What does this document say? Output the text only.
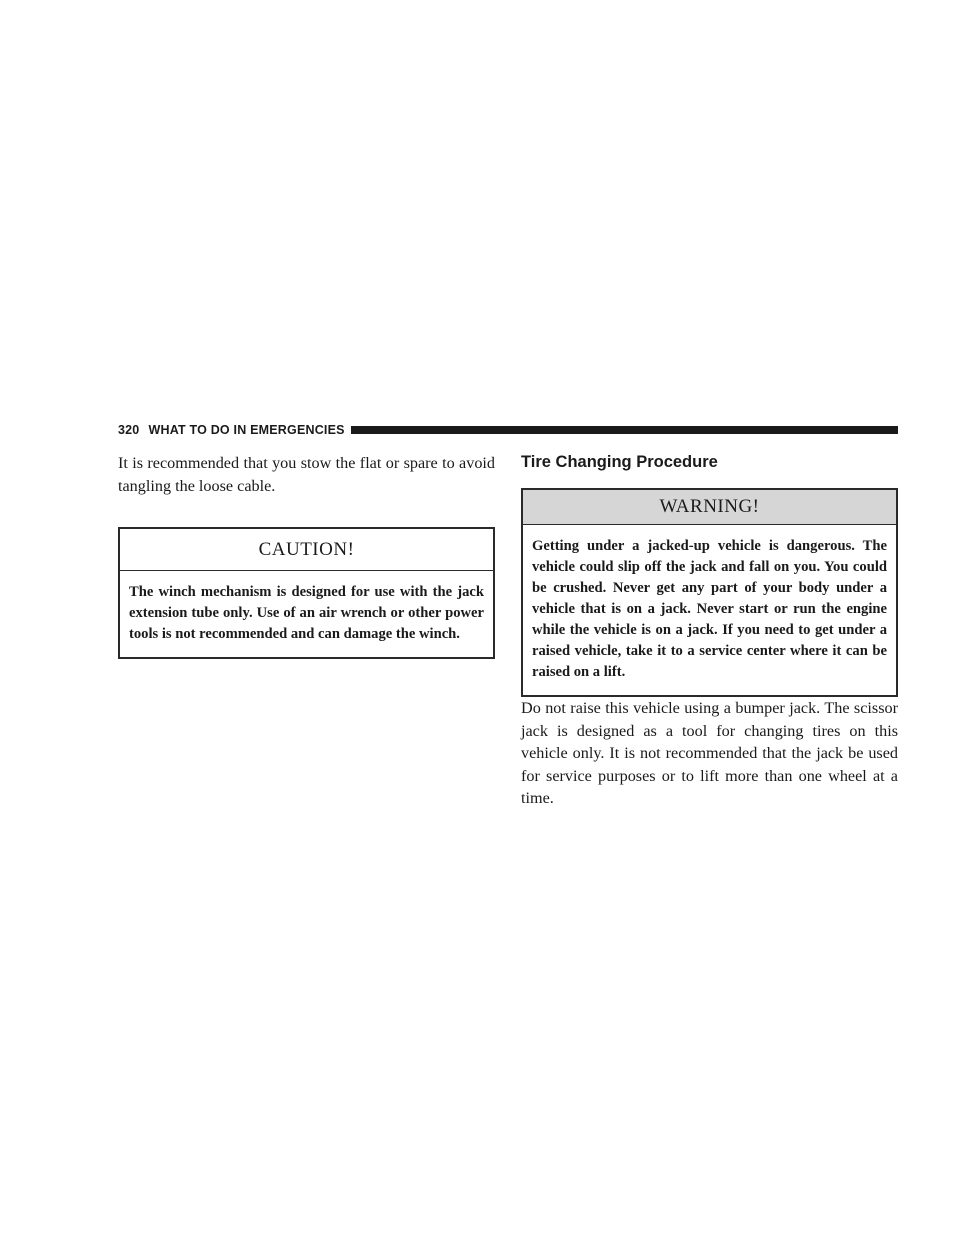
320 WHAT TO DO IN EMERGENCIES

It is recommended that you stow the flat or spare to avoid tangling the loose cable.

CAUTION!
The winch mechanism is designed for use with the jack extension tube only. Use of an air wrench or other power tools is not recommended and can damage the winch.
Tire Changing Procedure
WARNING!
Getting under a jacked-up vehicle is dangerous. The vehicle could slip off the jack and fall on you. You could be crushed. Never get any part of your body under a vehicle that is on a jack. Never start or run the engine while the vehicle is on a jack. If you need to get under a raised vehicle, take it to a service center where it can be raised on a lift.

Do not raise this vehicle using a bumper jack. The scissor jack is designed as a tool for changing tires on this vehicle only. It is not recommended that the jack be used for service purposes or to lift more than one wheel at a time.
